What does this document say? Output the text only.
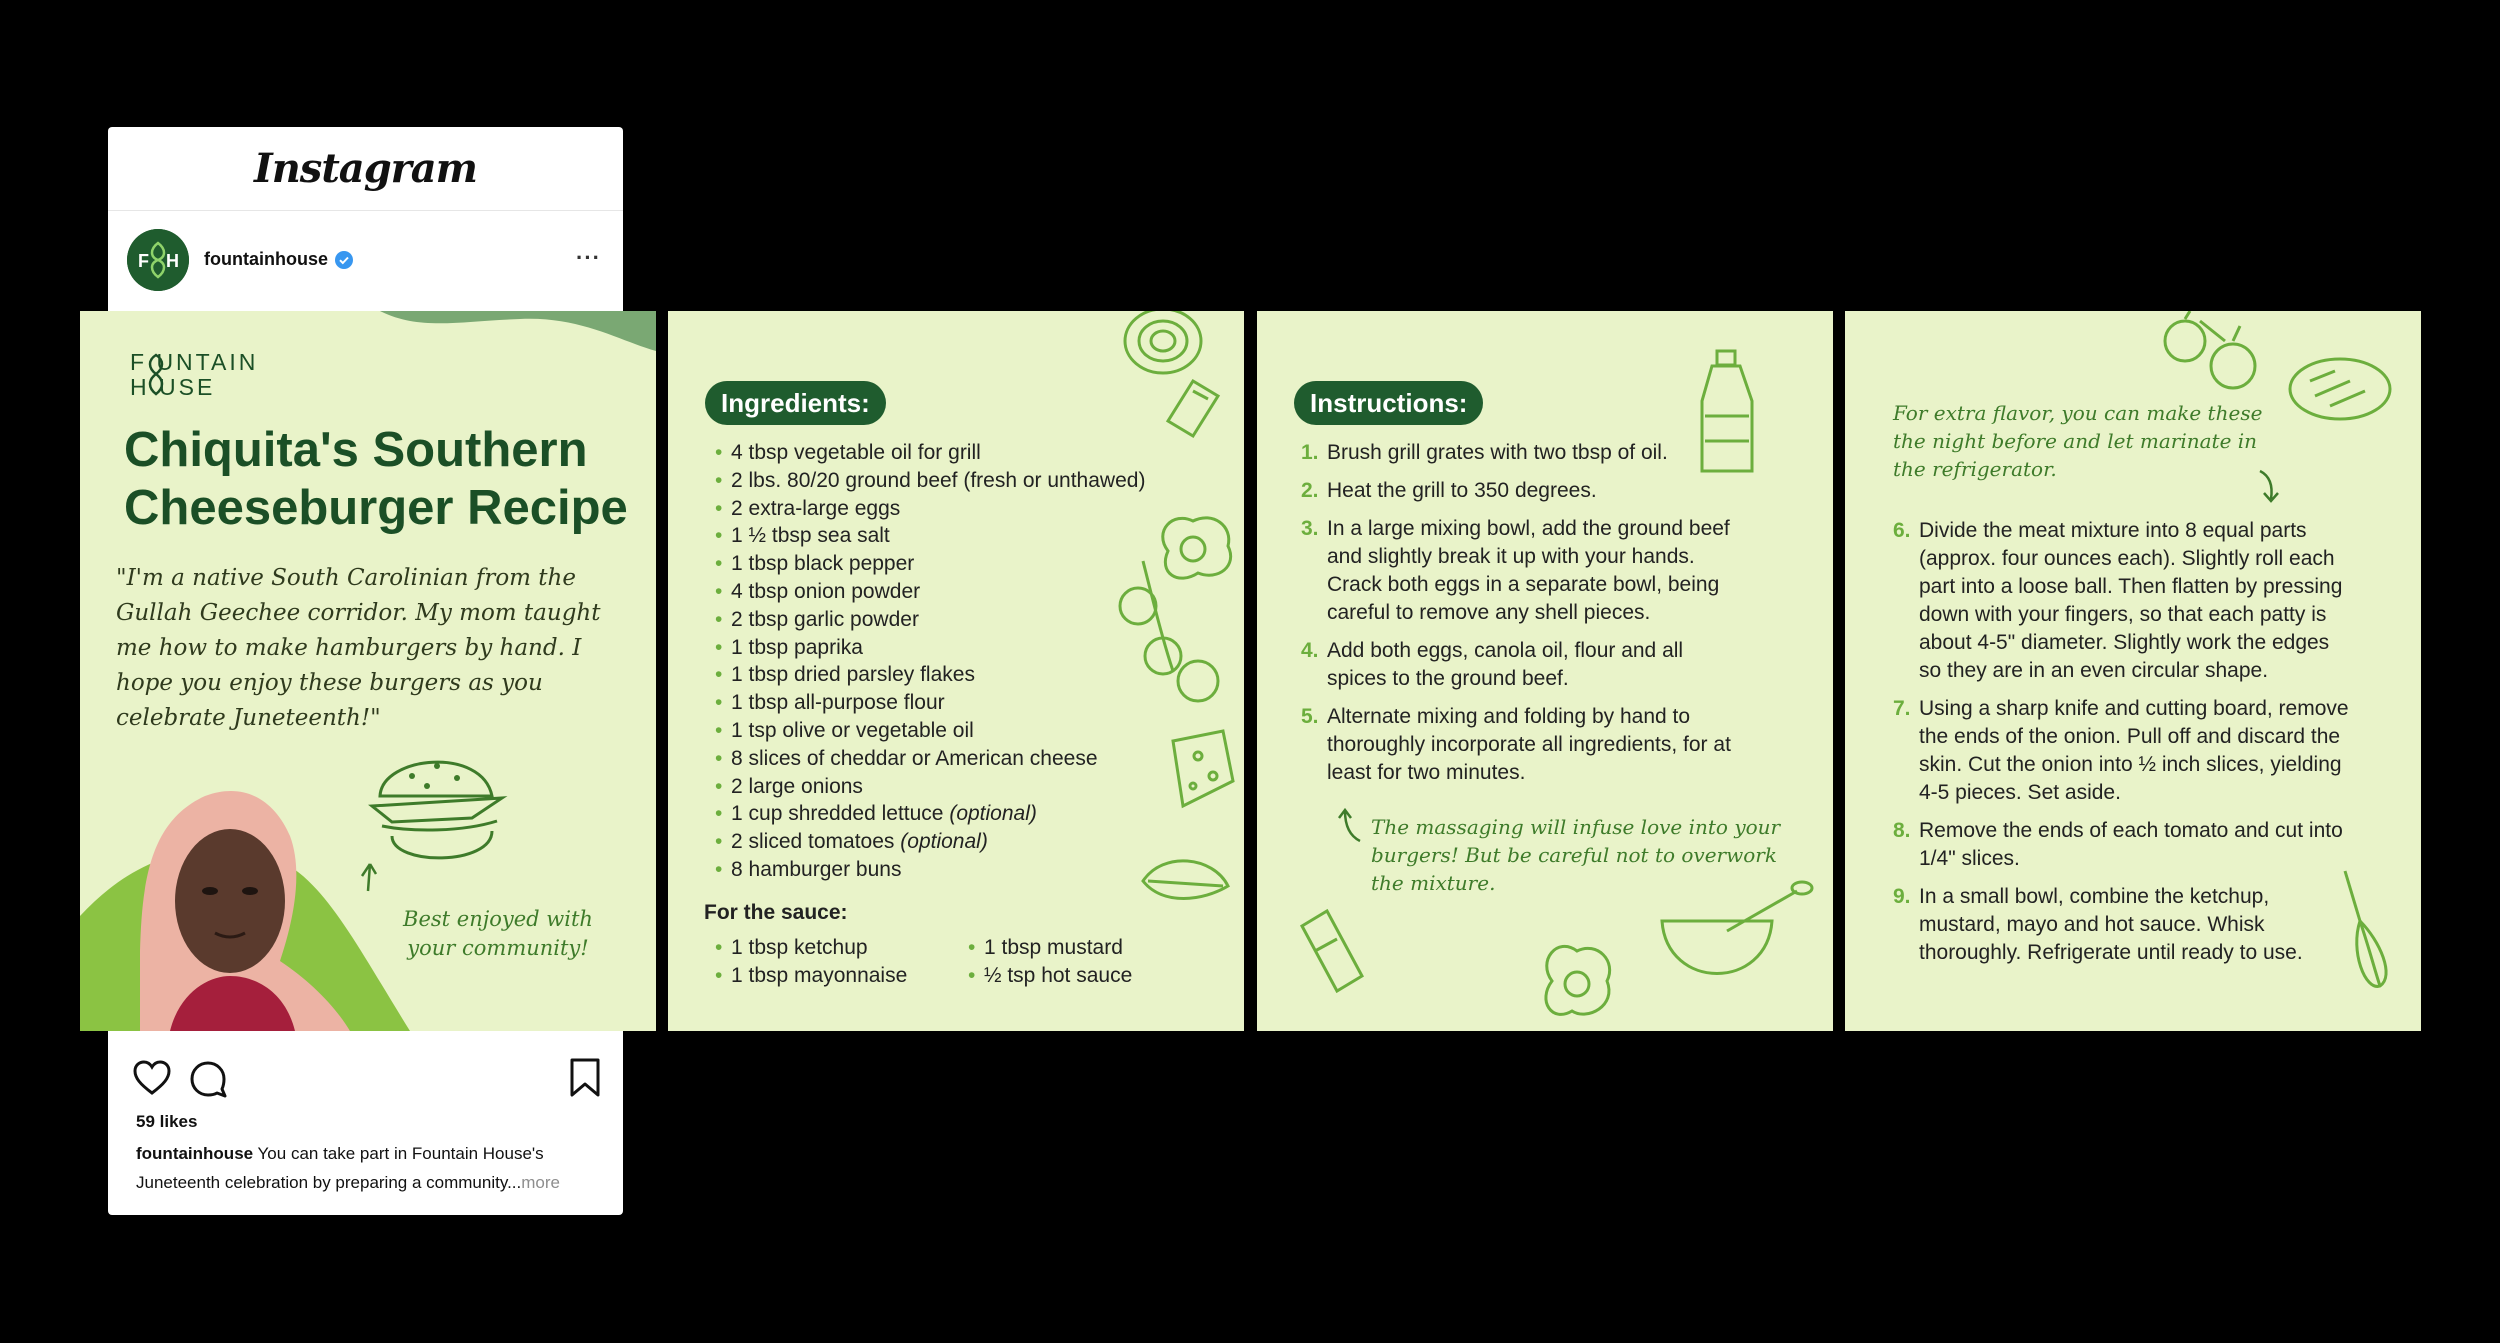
Instagram
F H fountainhouse	···
59 likes
fountainhouse You can take part in Fountain House's Juneteenth celebration by preparing a community...more
F UNTAIN
H USE
Chiquita's Southern Cheeseburger Recipe
"I'm a native South Carolinian from the Gullah Geechee corridor. My mom taught me how to make hamburgers by hand. I hope you enjoy these burgers as you celebrate Juneteenth!"
Best enjoyed with your community!
Ingredients:
• 4 tbsp vegetable oil for grill
• 2 lbs. 80/20 ground beef (fresh or unthawed)
• 2 extra-large eggs
• 1 ½ tbsp sea salt
• 1 tbsp black pepper
• 4 tbsp onion powder
• 2 tbsp garlic powder
• 1 tbsp paprika
• 1 tbsp dried parsley flakes
• 1 tbsp all-purpose flour
• 1 tsp olive or vegetable oil
• 8 slices of cheddar or American cheese
• 2 large onions
• 1 cup shredded lettuce (optional)
• 2 sliced tomatoes (optional)
• 8 hamburger buns
For the sauce:
• 1 tbsp ketchup
• 1 tbsp mayonnaise
• 1 tbsp mustard
• ½ tsp hot sauce
Instructions:
1. Brush grill grates with two tbsp of oil.
2. Heat the grill to 350 degrees.
3. In a large mixing bowl, add the ground beef and slightly break it up with your hands. Crack both eggs in a separate bowl, being careful to remove any shell pieces.
4. Add both eggs, canola oil, flour and all spices to the ground beef.
5. Alternate mixing and folding by hand to thoroughly incorporate all ingredients, for at least for two minutes.
The massaging will infuse love into your burgers! But be careful not to overwork the mixture.
For extra flavor, you can make these the night before and let marinate in the refrigerator.
6. Divide the meat mixture into 8 equal parts (approx. four ounces each). Slightly roll each part into a loose ball. Then flatten by pressing down with your fingers, so that each patty is about 4-5" diameter. Slightly work the edges so they are in an even circular shape.
7. Using a sharp knife and cutting board, remove the ends of the onion. Pull off and discard the skin. Cut the onion into ½ inch slices, yielding 4-5 pieces. Set aside.
8. Remove the ends of each tomato and cut into 1/4" slices.
9. In a small bowl, combine the ketchup, mustard, mayo and hot sauce. Whisk thoroughly. Refrigerate until ready to use.
